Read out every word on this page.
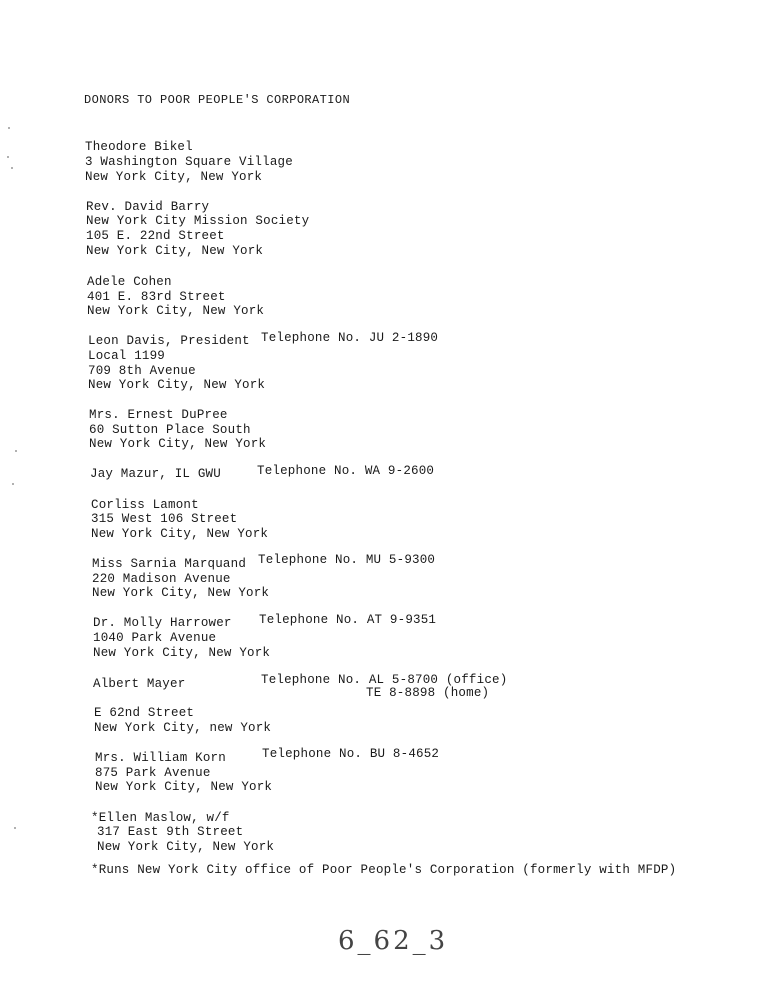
DONORS TO POOR PEOPLE'S CORPORATION
Theodore Bikel
3 Washington Square Village
New York City, New York
Rev. David Barry
New York City Mission Society
105 E. 22nd Street
New York City, New York
Adele Cohen
401 E. 83rd Street
New York City, New York
Leon Davis, President Telephone No. JU 2-1890
Local 1199
709 8th Avenue
New York City, New York
Mrs. Ernest DuPree
60 Sutton Place South
New York City, New York
Jay Mazur, IL GWU	Telephone No. WA 9-2600
Corliss Lamont
315 West 106 Street
New York City, New York
Miss Sarnia Marquand Telephone No. MU 5-9300
220 Madison Avenue
New York City, New York
Dr. Molly Harrower Telephone No. AT 9-9351
1040 Park Avenue
New York City, New York
Albert Mayer	Telephone No. AL 5-8700 (office)
TE 8-8898 (home)
E 62nd Street
New York City, new York
Mrs. William Korn	Telephone No. BU 8-4652
875 Park Avenue
New York City, New York
*Ellen Maslow, w/f
317 East 9th Street
New York City, New York
*Runs New York City office of Poor People's Corporation (formerly with MFDP)
6_62_3
